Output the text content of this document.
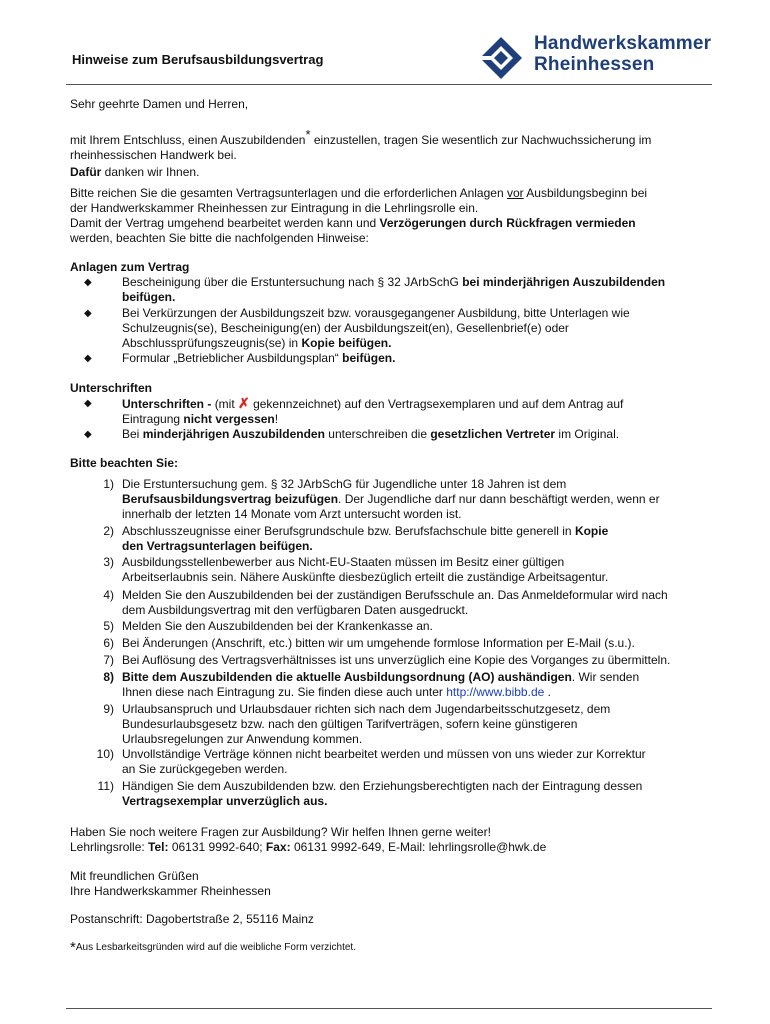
Hinweise zum Berufsausbildungsvertrag
Handwerkskammer
Rheinhessen
Sehr geehrte Damen und Herren,
mit Ihrem Entschluss, einen Auszubildenden* einzustellen, tragen Sie wesentlich zur Nachwuchssicherung im
rheinhessischen Handwerk bei.
Dafür danken wir Ihnen.
Bitte reichen Sie die gesamten Vertragsunterlagen und die erforderlichen Anlagen vor Ausbildungsbeginn bei
der Handwerkskammer Rheinhessen zur Eintragung in die Lehrlingsrolle ein.
Damit der Vertrag umgehend bearbeitet werden kann und Verzögerungen durch Rückfragen vermieden
werden, beachten Sie bitte die nachfolgenden Hinweise:
Anlagen zum Vertrag
◆	Bescheinigung über die Erstuntersuchung nach § 32 JArbSchG bei minderjährigen Auszubildenden
beifügen.
◆	Bei Verkürzungen der Ausbildungszeit bzw. vorausgegangener Ausbildung, bitte Unterlagen wie
Schulzeugnis(se), Bescheinigung(en) der Ausbildungszeit(en), Gesellenbrief(e) oder
Abschlussprüfungszeugnis(se) in Kopie beifügen.
◆	Formular „Betrieblicher Ausbildungsplan“ beifügen.
Unterschriften
◆	Unterschriften - (mit ✗ gekennzeichnet) auf den Vertragsexemplaren und auf dem Antrag auf
Eintragung nicht vergessen!
◆	Bei minderjährigen Auszubildenden unterschreiben die gesetzlichen Vertreter im Original.
Bitte beachten Sie:
1) Die Erstuntersuchung gem. § 32 JArbSchG für Jugendliche unter 18 Jahren ist dem
Berufsausbildungsvertrag beizufügen. Der Jugendliche darf nur dann beschäftigt werden, wenn er
innerhalb der letzten 14 Monate vom Arzt untersucht worden ist.
2) Abschlusszeugnisse einer Berufsgrundschule bzw. Berufsfachschule bitte generell in Kopie
den Vertragsunterlagen beifügen.
3) Ausbildungsstellenbewerber aus Nicht-EU-Staaten müssen im Besitz einer gültigen
Arbeitserlaubnis sein. Nähere Auskünfte diesbezüglich erteilt die zuständige Arbeitsagentur.
4) Melden Sie den Auszubildenden bei der zuständigen Berufsschule an. Das Anmeldeformular wird nach
dem Ausbildungsvertrag mit den verfügbaren Daten ausgedruckt.
5) Melden Sie den Auszubildenden bei der Krankenkasse an.
6) Bei Änderungen (Anschrift, etc.) bitten wir um umgehende formlose Information per E-Mail (s.u.).
7) Bei Auflösung des Vertragsverhältnisses ist uns unverzüglich eine Kopie des Vorganges zu übermitteln.
8) Bitte dem Auszubildenden die aktuelle Ausbildungsordnung (AO) aushändigen. Wir senden
Ihnen diese nach Eintragung zu. Sie finden diese auch unter http://www.bibb.de .
9) Urlaubsanspruch und Urlaubsdauer richten sich nach dem Jugendarbeitsschutzgesetz, dem
Bundesurlaubsgesetz bzw. nach den gültigen Tarifverträgen, sofern keine günstigeren
Urlaubsregelungen zur Anwendung kommen.
10) Unvollständige Verträge können nicht bearbeitet werden und müssen von uns wieder zur Korrektur
an Sie zurückgegeben werden.
11) Händigen Sie dem Auszubildenden bzw. den Erziehungsberechtigten nach der Eintragung dessen
Vertragsexemplar unverzüglich aus.
Haben Sie noch weitere Fragen zur Ausbildung? Wir helfen Ihnen gerne weiter!
Lehrlingsrolle: Tel: 06131 9992-640; Fax: 06131 9992-649, E-Mail: lehrlingsrolle@hwk.de
Mit freundlichen Grüßen
Ihre Handwerkskammer Rheinhessen
Postanschrift: Dagobertstraße 2, 55116 Mainz
*Aus Lesbarkeitsgründen wird auf die weibliche Form verzichtet.
